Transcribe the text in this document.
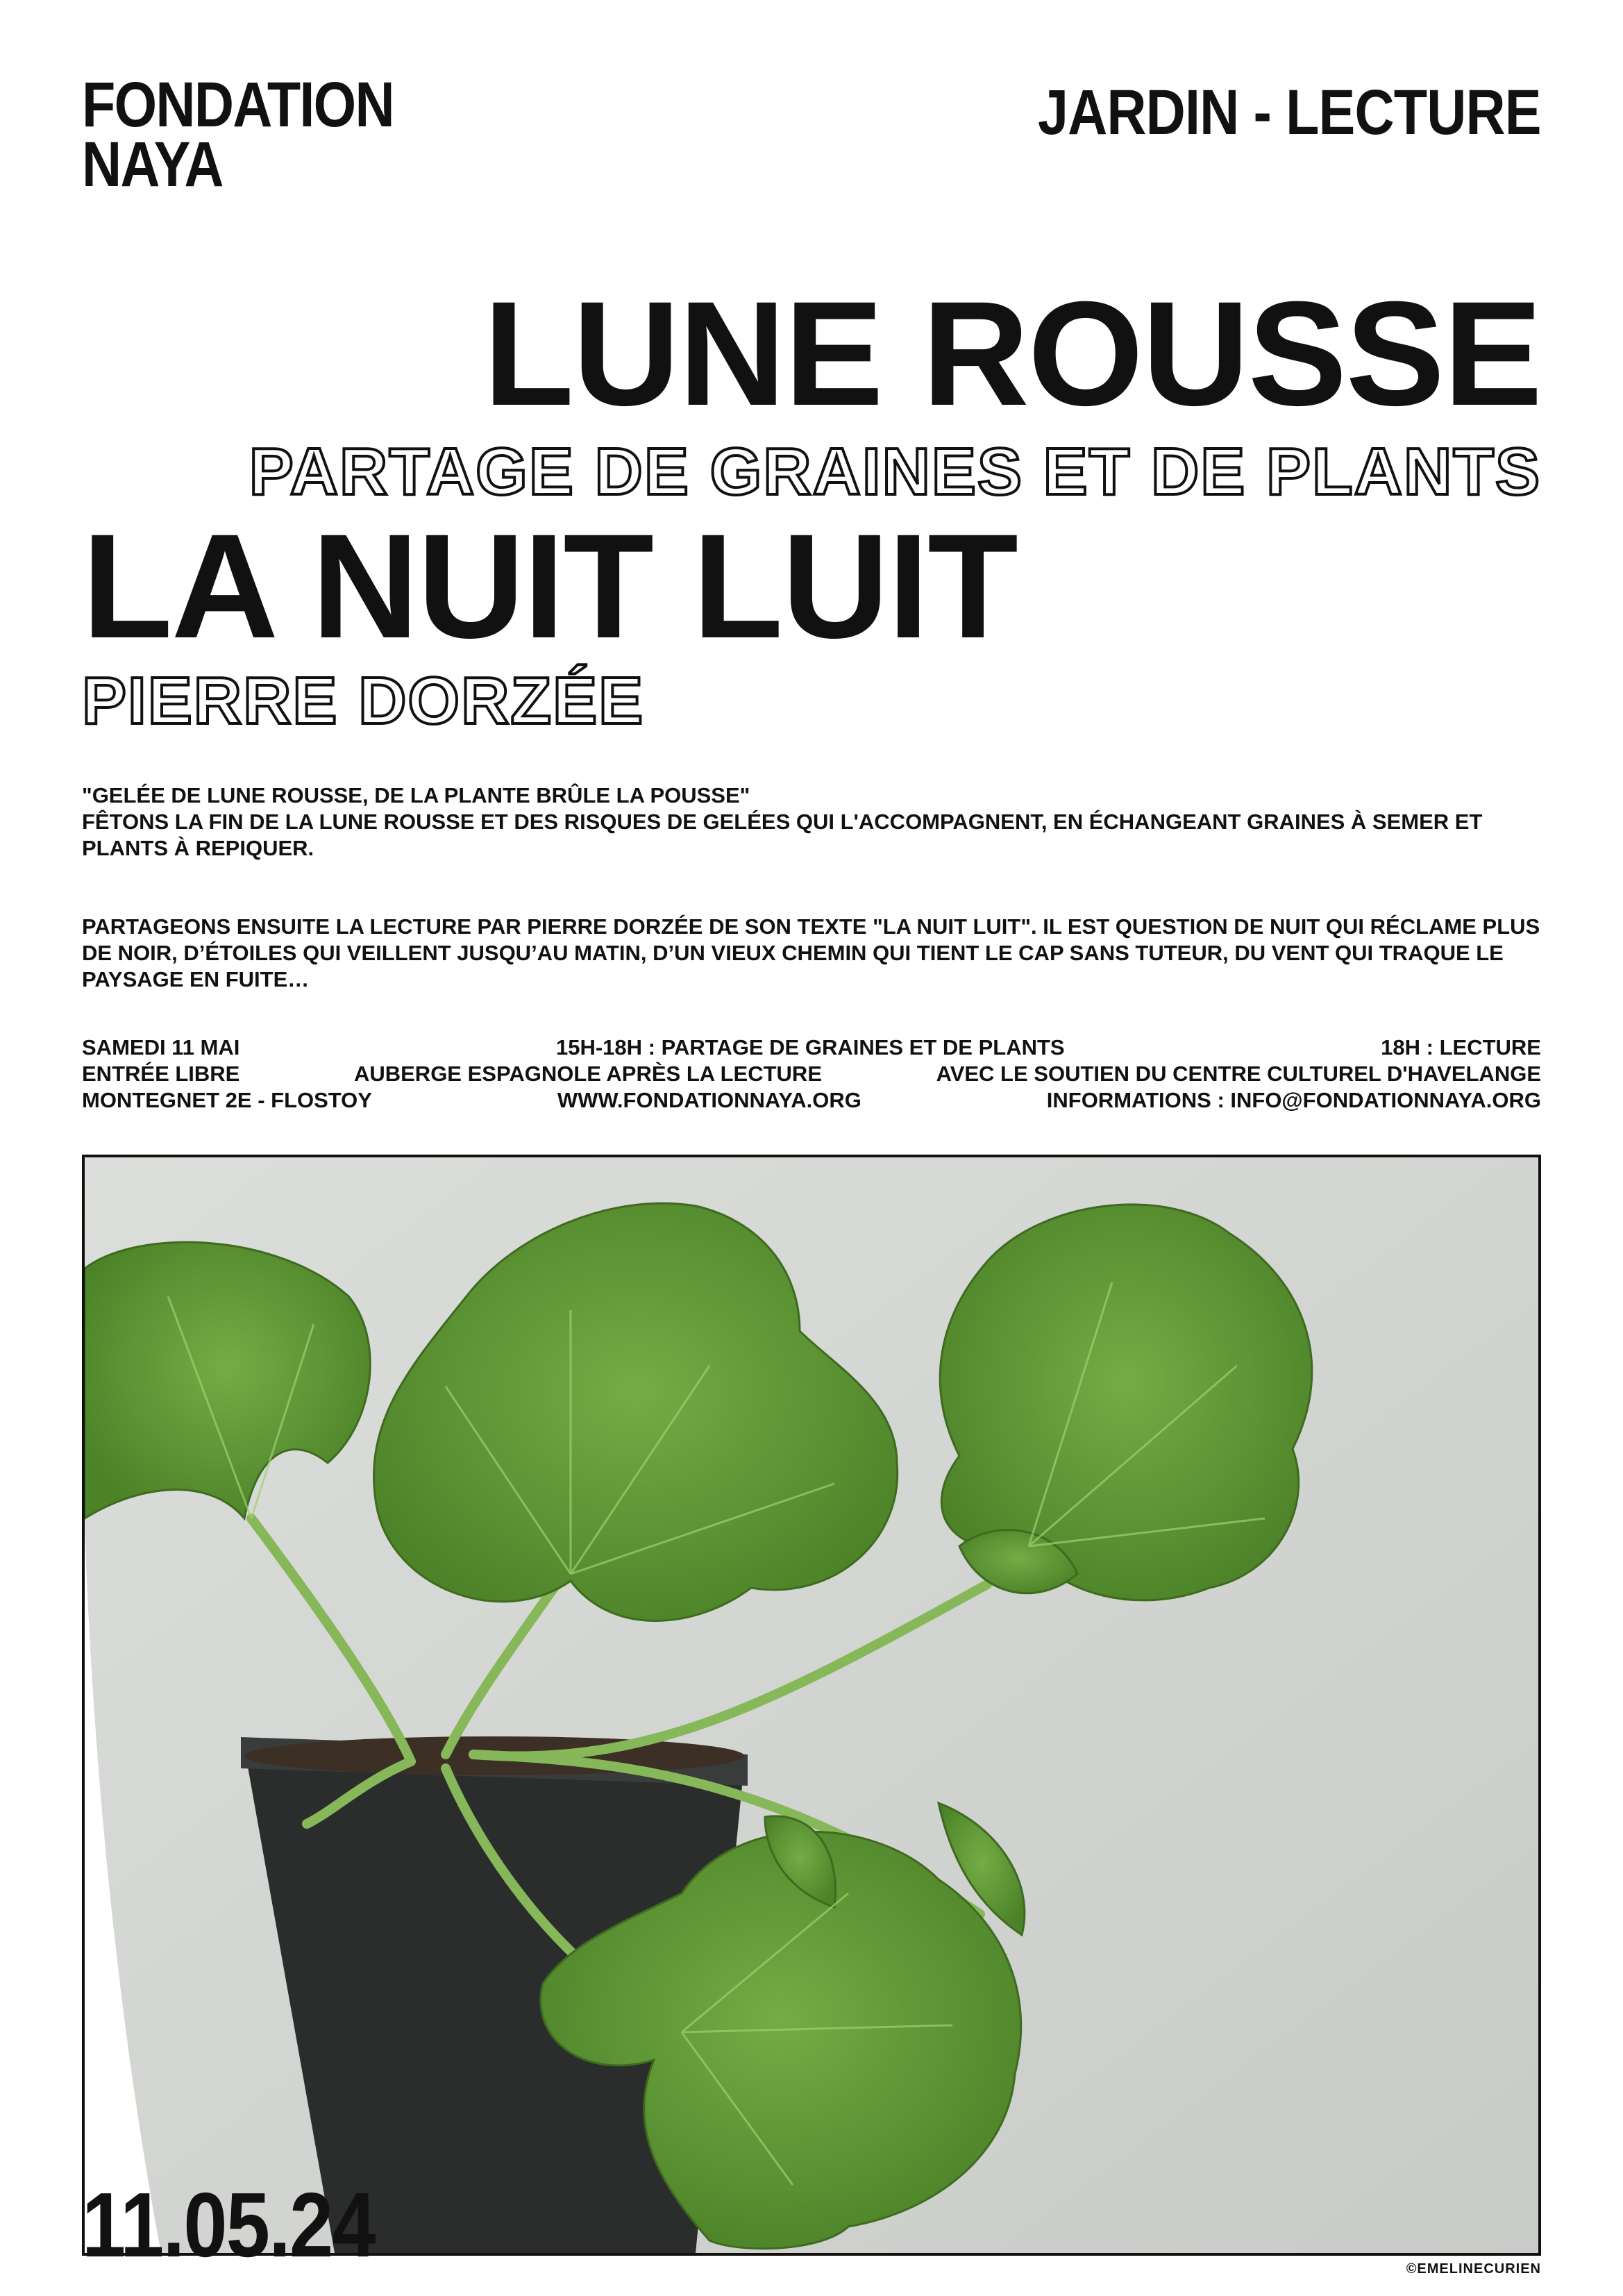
FONDATION
NAYA
JARDIN - LECTURE
LUNE ROUSSE
PARTAGE DE GRAINES ET DE PLANTS
LA NUIT LUIT
PIERRE DORZÉE
"GELÉE DE LUNE ROUSSE, DE LA PLANTE BRÛLE LA POUSSE"
FÊTONS LA FIN DE LA LUNE ROUSSE ET DES RISQUES DE GELÉES QUI L'ACCOMPAGNENT, EN ÉCHANGEANT GRAINES À SEMER ET PLANTS À REPIQUER.
PARTAGEONS ENSUITE LA LECTURE PAR PIERRE DORZÉE DE SON TEXTE "LA NUIT LUIT". IL EST QUESTION DE NUIT QUI RÉCLAME PLUS DE NOIR, D’ÉTOILES QUI VEILLENT JUSQU’AU MATIN, D’UN VIEUX CHEMIN QUI TIENT LE CAP SANS TUTEUR, DU VENT QUI TRAQUE LE PAYSAGE EN FUITE…
SAMEDI 11 MAI	15H-18H : PARTAGE DE GRAINES ET DE PLANTS	18H : LECTURE
ENTRÉE LIBRE	AUBERGE ESPAGNOLE APRÈS LA LECTURE	AVEC LE SOUTIEN DU CENTRE CULTUREL D'HAVELANGE
MONTEGNET 2E - FLOSTOY	WWW.FONDATIONNAYA.ORG	INFORMATIONS : INFO@FONDATIONNAYA.ORG
©EMELINECURIEN
11.05.24
